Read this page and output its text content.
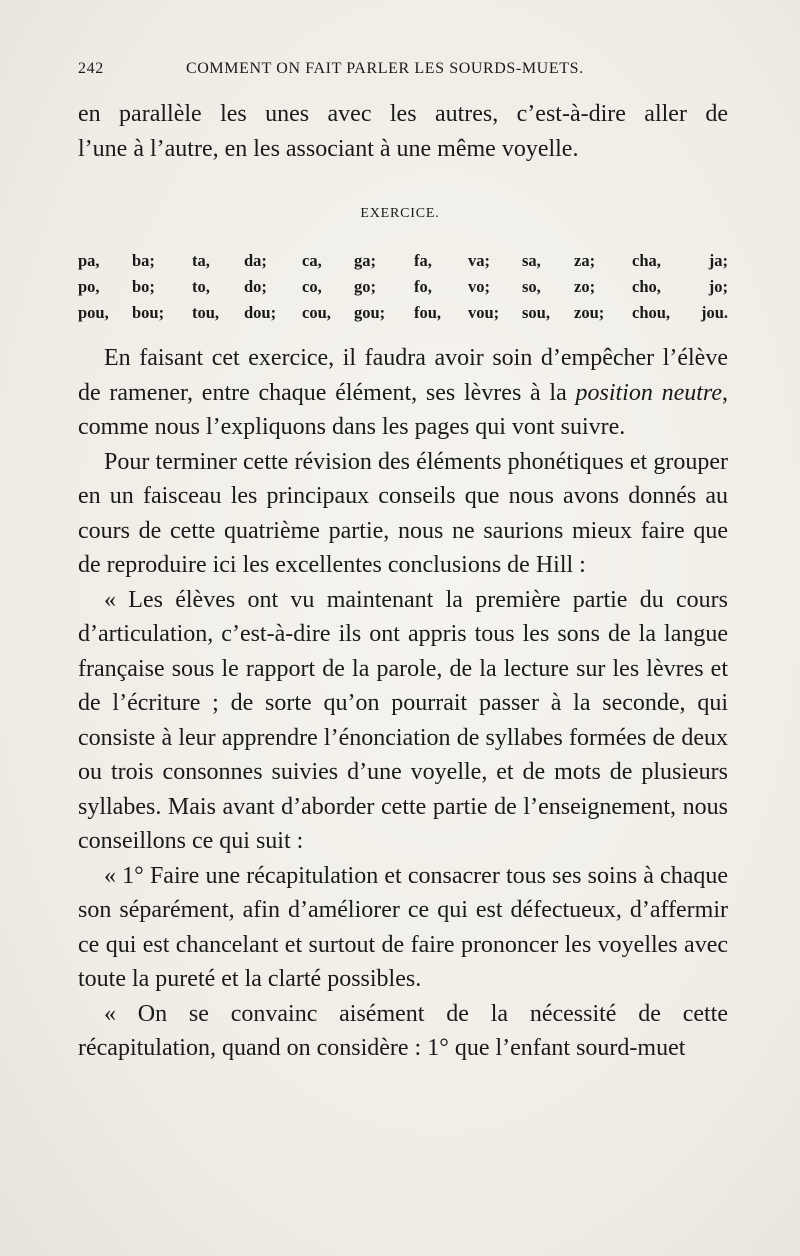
242	COMMENT ON FAIT PARLER LES SOURDS-MUETS.

en parallèle les unes avec les autres, c’est-à-dire aller de

l’une à l’autre, en les associant à une même voyelle.

EXERCICE.
pa,	ba;	ta,	da;	ca,	ga;	fa,	va;	sa,	za;	cha,	ja;
po,	bo;	to,	do;	co,	go;	fo,	vo;	so,	zo;	cho,	jo;
pou,	bou;	tou,	dou;	cou,	gou;	fou,	vou;	sou,	zou;	chou,	jou.

En faisant cet exercice, il faudra avoir soin d’empêcher l’élève de ramener, entre chaque élément, ses lèvres à la position neutre, comme nous l’expliquons dans les pages qui vont suivre.

Pour terminer cette révision des éléments phonétiques et grouper en un faisceau les principaux conseils que nous avons donnés au cours de cette quatrième partie, nous ne saurions mieux faire que de reproduire ici les excellentes conclusions de Hill :

« Les élèves ont vu maintenant la première partie du cours d’articulation, c’est-à-dire ils ont appris tous les sons de la langue française sous le rapport de la parole, de la lecture sur les lèvres et de l’écriture ; de sorte qu’on pourrait passer à la seconde, qui consiste à leur apprendre l’énonciation de syllabes formées de deux ou trois consonnes suivies d’une voyelle, et de mots de plusieurs syllabes. Mais avant d’aborder cette partie de l’enseignement, nous conseillons ce qui suit :

« 1° Faire une récapitulation et consacrer tous ses soins à chaque son séparément, afin d’améliorer ce qui est défectueux, d’affermir ce qui est chancelant et surtout de faire prononcer les voyelles avec toute la pureté et la clarté possibles.

« On se convainc aisément de la nécessité de cette récapitulation, quand on considère : 1° que l’enfant sourd-muet
